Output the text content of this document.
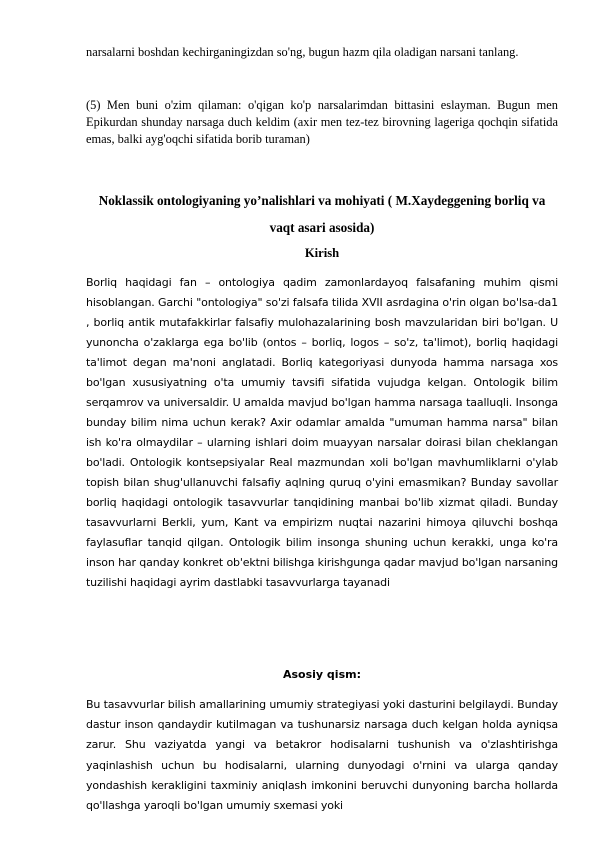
narsalarni boshdan kechirganingizdan so'ng, bugun hazm qila oladigan narsani tanlang.

(5) Men buni o'zim qilaman: o'qigan ko'p narsalarimdan bittasini eslayman. Bugun men Epikurdan shunday narsaga duch keldim (axir men tez-tez birovning lageriga qochqin sifatida emas, balki ayg'oqchi sifatida borib turaman)

Noklassik ontologiyaning yo’nalishlari va mohiyati ( M.Xaydeggening borliq va vaqt asari asosida)
Kirish

Borliq haqidagi fan – ontologiya qadim zamonlardayoq falsafaning muhim qismi hisoblangan. Garchi "ontologiya" so'zi falsafa tilida XVII asrdagina o'rin olgan bo'lsa-da1 , borliq antik mutafakkirlar falsafiy mulohazalarining bosh mavzularidan biri bo'lgan. U yunoncha o'zaklarga ega bo'lib (ontos – borliq, logos – so'z, ta'limot), borliq haqidagi ta'limot degan ma'noni anglatadi. Borliq kategoriyasi dunyoda hamma narsaga xos bo'lgan xususiyatning o'ta umumiy tavsifi sifatida vujudga kelgan. Ontologik bilim serqamrov va universaldir. U amalda mavjud bo'lgan hamma narsaga taalluqli. Insonga bunday bilim nima uchun kerak? Axir odamlar amalda "umuman hamma narsa" bilan ish ko'ra olmaydilar – ularning ishlari doim muayyan narsalar doirasi bilan cheklangan bo'ladi. Ontologik kontsepsiyalar Real mazmundan xoli bo'lgan mavhumliklarni o'ylab topish bilan shug'ullanuvchi falsafiy aqlning quruq o'yini emasmikan? Bunday savollar borliq haqidagi ontologik tasavvurlar tanqidining manbai bo'lib xizmat qiladi. Bunday tasavvurlarni Berkli, yum, Kant va empirizm nuqtai nazarini himoya qiluvchi boshqa faylasuflar tanqid qilgan. Ontologik bilim insonga shuning uchun kerakki, unga ko'ra inson har qanday konkret ob'ektni bilishga kirishgunga qadar mavjud bo'lgan narsaning tuzilishi haqidagi ayrim dastlabki tasavvurlarga tayanadi

Asosiy qism:

Bu tasavvurlar bilish amallarining umumiy strategiyasi yoki dasturini belgilaydi. Bunday dastur inson qandaydir kutilmagan va tushunarsiz narsaga duch kelgan holda ayniqsa zarur. Shu vaziyatda yangi va betakror hodisalarni tushunish va o'zlashtirishga yaqinlashish uchun bu hodisalarni, ularning dunyodagi o'rnini va ularga qanday yondashish kerakligini taxminiy aniqlash imkonini beruvchi dunyoning barcha hollarda qo'llashga yaroqli bo'lgan umumiy sxemasi yoki
